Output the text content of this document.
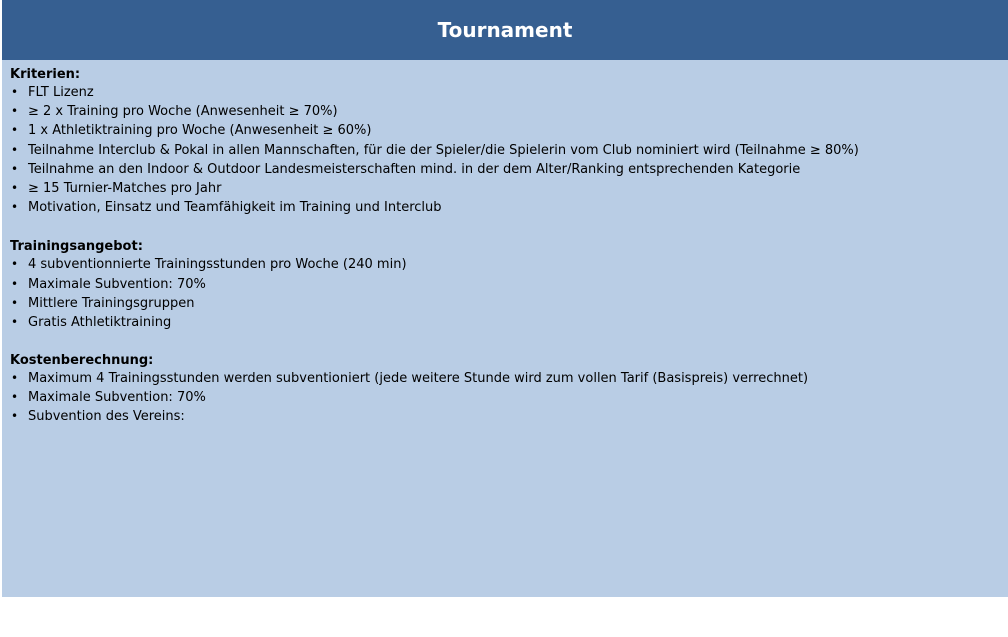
Tournament

Kriterien:

• FLT Lizenz
• ≥ 2 x Training pro Woche (Anwesenheit ≥ 70%)
• 1 x Athletiktraining pro Woche (Anwesenheit ≥ 60%)
• Teilnahme Interclub & Pokal in allen Mannschaften, für die der Spieler/die Spielerin vom Club nominiert wird (Teilnahme ≥ 80%)
• Teilnahme an den Indoor & Outdoor Landesmeisterschaften mind. in der dem Alter/Ranking entsprechenden Kategorie
• ≥ 15 Turnier-Matches pro Jahr
• Motivation, Einsatz und Teamfähigkeit im Training und Interclub

Trainingsangebot:

• 4 subventionnierte Trainingsstunden pro Woche (240 min)
• Maximale Subvention: 70%
• Mittlere Trainingsgruppen
• Gratis Athletiktraining

Kostenberechnung:

• Maximum 4 Trainingsstunden werden subventioniert (jede weitere Stunde wird zum vollen Tarif (Basispreis) verrechnet)
• Maximale Subvention: 70%
• Subvention des Vereins:
